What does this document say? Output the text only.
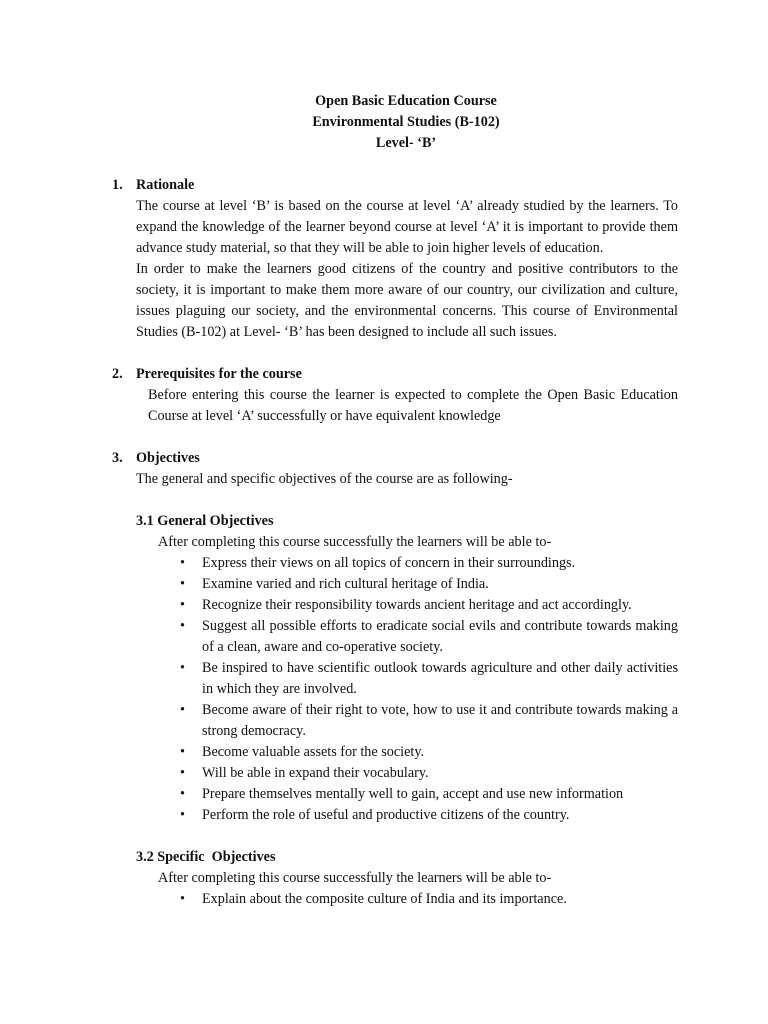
Open Basic Education Course
Environmental Studies (B-102)
Level- ‘B’
1. Rationale

The course at level ‘B’ is based on the course at level ‘A’ already studied by the learners. To expand the knowledge of the learner beyond course at level ‘A’ it is important to provide them advance study material, so that they will be able to join higher levels of education.

In order to make the learners good citizens of the country and positive contributors to the society, it is important to make them more aware of our country, our civilization and culture, issues plaguing our society, and the environmental concerns. This course of Environmental Studies (B-102) at Level- ‘B’ has been designed to include all such issues.

2. Prerequisites for the course
Before entering this course the learner is expected to complete the Open Basic Education Course at level ‘A’ successfully or have equivalent knowledge
3. Objectives
The general and specific objectives of the course are as following-
3.1 General Objectives
After completing this course successfully the learners will be able to-
• Express their views on all topics of concern in their surroundings.
• Examine varied and rich cultural heritage of India.
• Recognize their responsibility towards ancient heritage and act accordingly.
• Suggest all possible efforts to eradicate social evils and contribute towards making of a clean, aware and co-operative society.
• Be inspired to have scientific outlook towards agriculture and other daily activities in which they are involved.
• Become aware of their right to vote, how to use it and contribute towards making a strong democracy.
• Become valuable assets for the society.
• Will be able in expand their vocabulary.
• Prepare themselves mentally well to gain, accept and use new information
• Perform the role of useful and productive citizens of the country.
3.2 Specific  Objectives
After completing this course successfully the learners will be able to-
• Explain about the composite culture of India and its importance.
